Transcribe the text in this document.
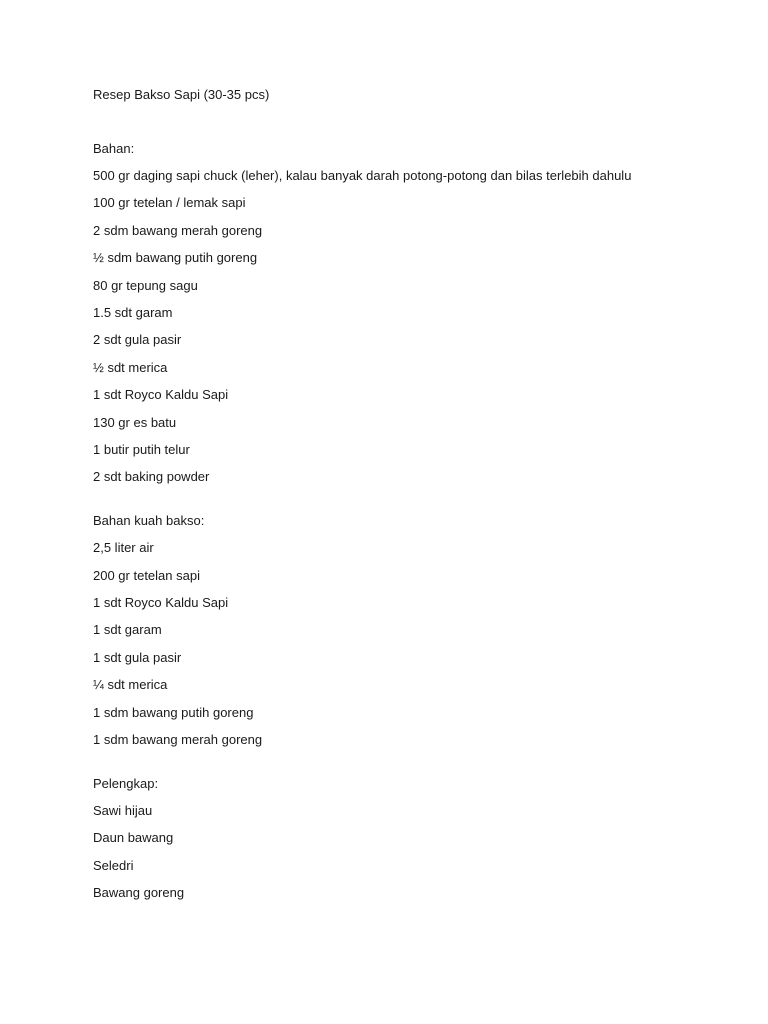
Resep Bakso Sapi (30-35 pcs)
Bahan:
500 gr daging sapi chuck (leher), kalau banyak darah potong-potong dan bilas terlebih dahulu
100 gr tetelan / lemak sapi
2 sdm bawang merah goreng
½ sdm bawang putih goreng
80 gr tepung sagu
1.5 sdt garam
2 sdt gula pasir
½ sdt merica
1 sdt Royco Kaldu Sapi
130 gr es batu
1 butir putih telur
2 sdt baking powder
Bahan kuah bakso:
2,5 liter air
200 gr tetelan sapi
1 sdt Royco Kaldu Sapi
1 sdt garam
1 sdt gula pasir
¼ sdt merica
1 sdm bawang putih goreng
1 sdm bawang merah goreng
Pelengkap:
Sawi hijau
Daun bawang
Seledri
Bawang goreng
